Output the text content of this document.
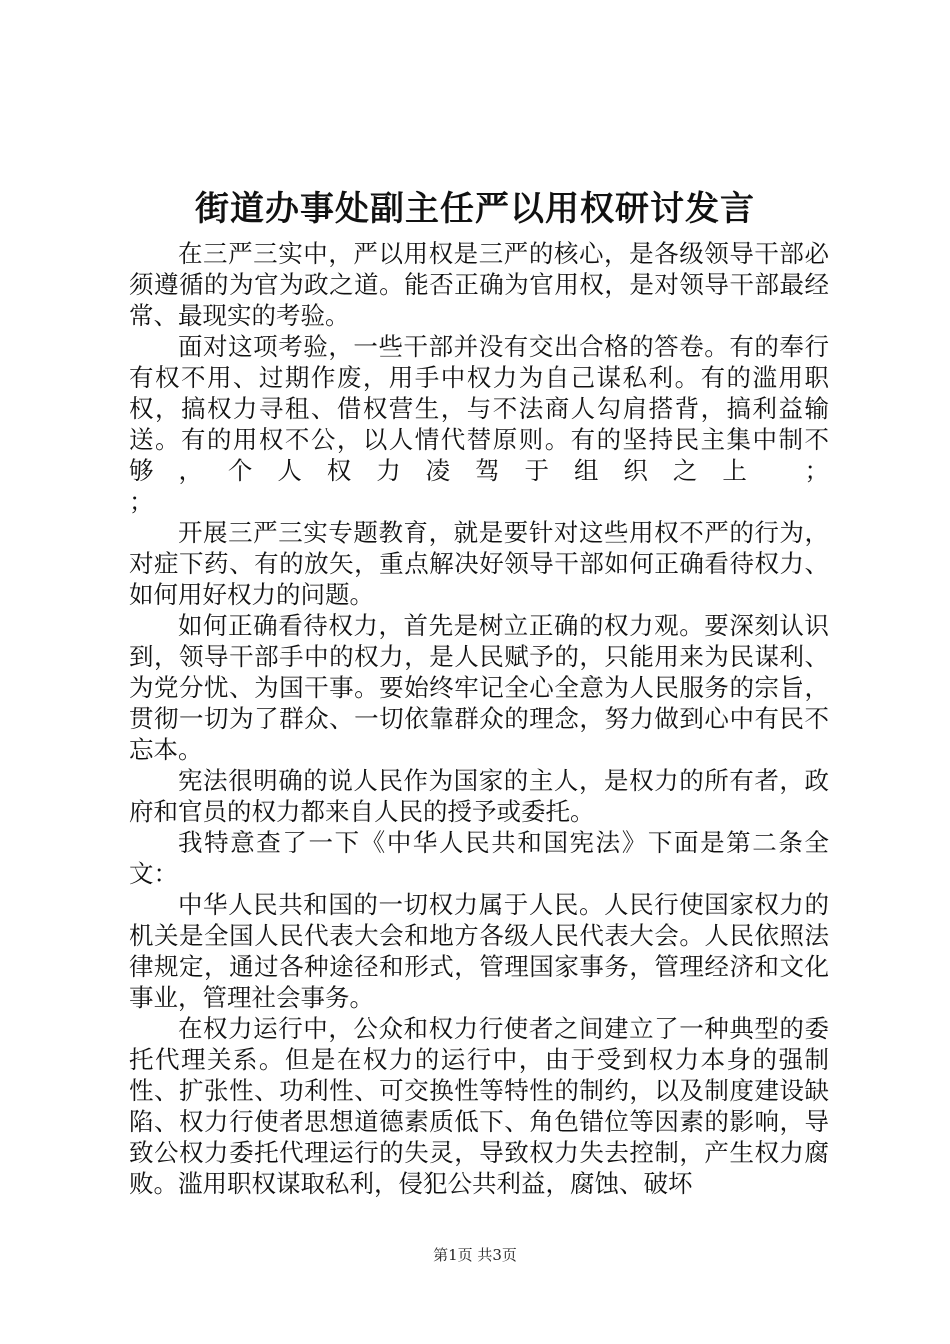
街道办事处副主任严以用权研讨发言

在三严三实中，严以用权是三严的核心，是各级领导干部必须遵循的为官为政之道。能否正确为官用权，是对领导干部最经常、最现实的考验。

面对这项考验，一些干部并没有交出合格的答卷。有的奉行有权不用、过期作废，用手中权力为自己谋私利。有的滥用职权，搞权力寻租、借权营生，与不法商人勾肩搭背，搞利益输送。有的用权不公，以人情代替原则。有的坚持民主集中制不够，个人权力凌驾于组织之上 ；

；

开展三严三实专题教育，就是要针对这些用权不严的行为，对症下药、有的放矢，重点解决好领导干部如何正确看待权力、如何用好权力的问题。

如何正确看待权力，首先是树立正确的权力观。要深刻认识到，领导干部手中的权力，是人民赋予的，只能用来为民谋利、为党分忧、为国干事。要始终牢记全心全意为人民服务的宗旨，贯彻一切为了群众、一切依靠群众的理念，努力做到心中有民不忘本。

宪法很明确的说人民作为国家的主人，是权力的所有者，政府和官员的权力都来自人民的授予或委托。

我特意查了一下《中华人民共和国宪法》下面是第二条全文：

中华人民共和国的一切权力属于人民。人民行使国家权力的机关是全国人民代表大会和地方各级人民代表大会。人民依照法律规定，通过各种途径和形式，管理国家事务，管理经济和文化事业，管理社会事务。

在权力运行中，公众和权力行使者之间建立了一种典型的委托代理关系。但是在权力的运行中，由于受到权力本身的强制性、扩张性、功利性、可交换性等特性的制约，以及制度建设缺陷、权力行使者思想道德素质低下、角色错位等因素的影响，导致公权力委托代理运行的失灵，导致权力失去控制，产生权力腐败。滥用职权谋取私利，侵犯公共利益，腐蚀、破坏

第1页 共3页
